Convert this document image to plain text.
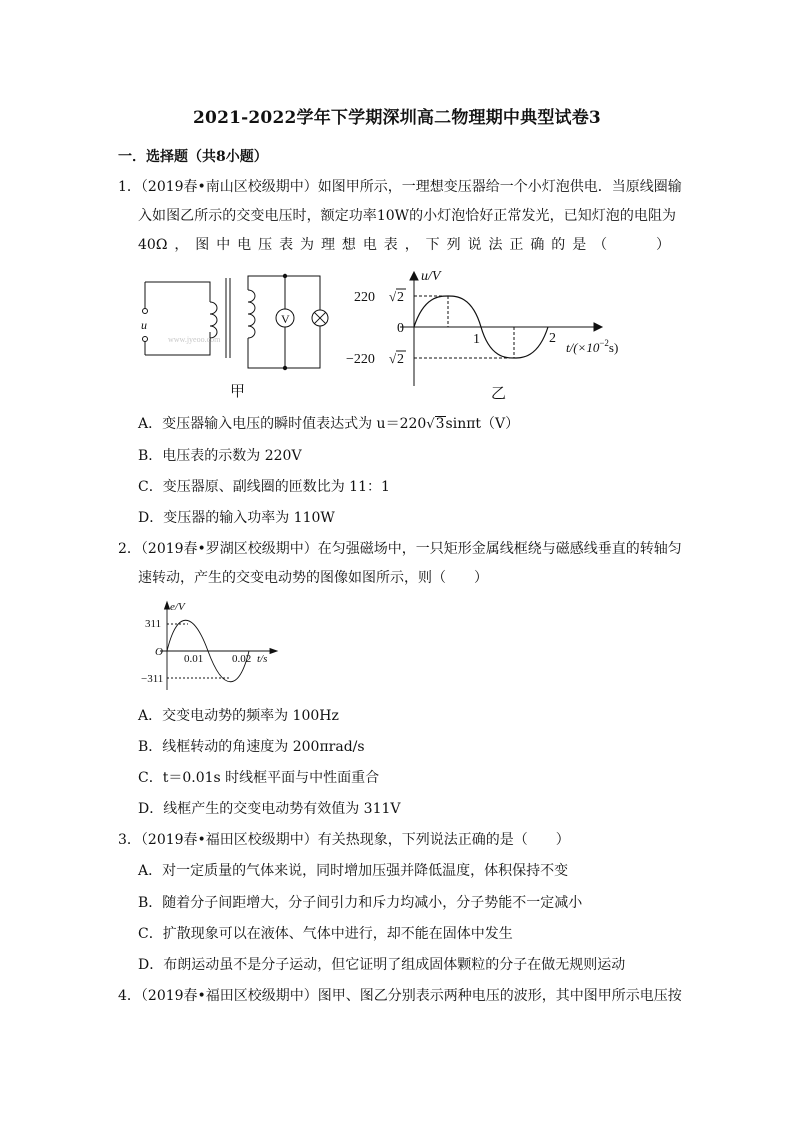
2021-2022学年下学期深圳高二物理期中典型试卷3
一．选择题（共8小题）
1．（2019春•南山区校级期中）如图甲所示，一理想变压器给一个小灯泡供电．当原线圈输
入如图乙所示的交变电压时，额定功率10W的小灯泡恰好正常发光，已知灯泡的电阻为
40Ω，图中电压表为理想电表，下列说法正确的是（　　）
V
u
www.jyeoo.com
甲
u/V
220 √ 2
0
−220 √ 2
1	2
$t/(\times 10^{-2}s)$
乙
A．变压器输入电压的瞬时值表达式为 u＝220√3sinπt（V）
B．电压表的示数为 220V
C．变压器原、副线圈的匝数比为 11：1
D．变压器的输入功率为 110W
2．（2019春•罗湖区校级期中）在匀强磁场中，一只矩形金属线框绕与磁感线垂直的转轴匀
速转动，产生的交变电动势的图像如图所示，则（　　）
e/V
311
O
0.01	0.02 t/s
−311
A．交变电动势的频率为 100Hz
B．线框转动的角速度为 200πrad/s
C．t＝0.01s 时线框平面与中性面重合
D．线框产生的交变电动势有效值为 311V
3．（2019春•福田区校级期中）有关热现象，下列说法正确的是（　　）
A．对一定质量的气体来说，同时增加压强并降低温度，体积保持不变
B．随着分子间距增大，分子间引力和斥力均减小，分子势能不一定减小
C．扩散现象可以在液体、气体中进行，却不能在固体中发生
D．布朗运动虽不是分子运动，但它证明了组成固体颗粒的分子在做无规则运动
4．（2019春•福田区校级期中）图甲、图乙分别表示两种电压的波形，其中图甲所示电压按
